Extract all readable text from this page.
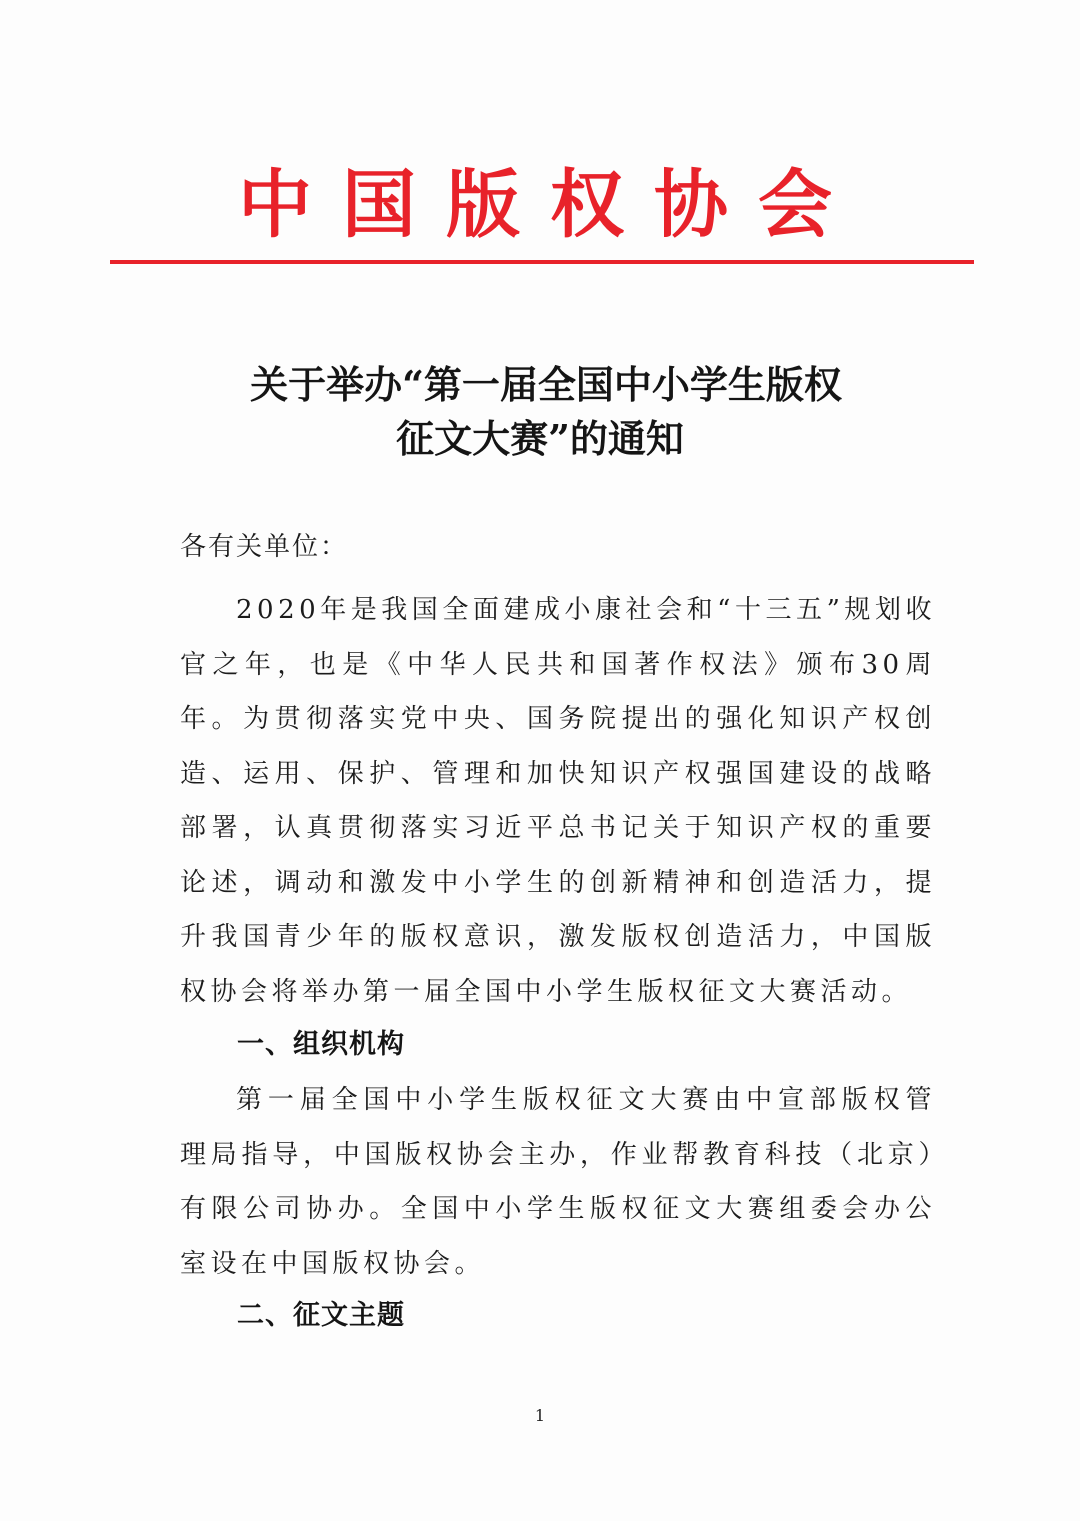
中国版权协会
关于举办“第一届全国中小学生版权
征文大赛”的通知
各有关单位：

2020年是我国全面建成小康社会和“十三五”规划收官之年，也是《中华人民共和国著作权法》颁布30周年。为贯彻落实党中央、国务院提出的强化知识产权创造、运用、保护、管理和加快知识产权强国建设的战略部署，认真贯彻落实习近平总书记关于知识产权的重要论述，调动和激发中小学生的创新精神和创造活力，提升我国青少年的版权意识，激发版权创造活力，中国版权协会将举办第一届全国中小学生版权征文大赛活动。

一、组织机构

第一届全国中小学生版权征文大赛由中宣部版权管理局指导，中国版权协会主办，作业帮教育科技（北京）有限公司协办。全国中小学生版权征文大赛组委会办公室设在中国版权协会。

二、征文主题
1
